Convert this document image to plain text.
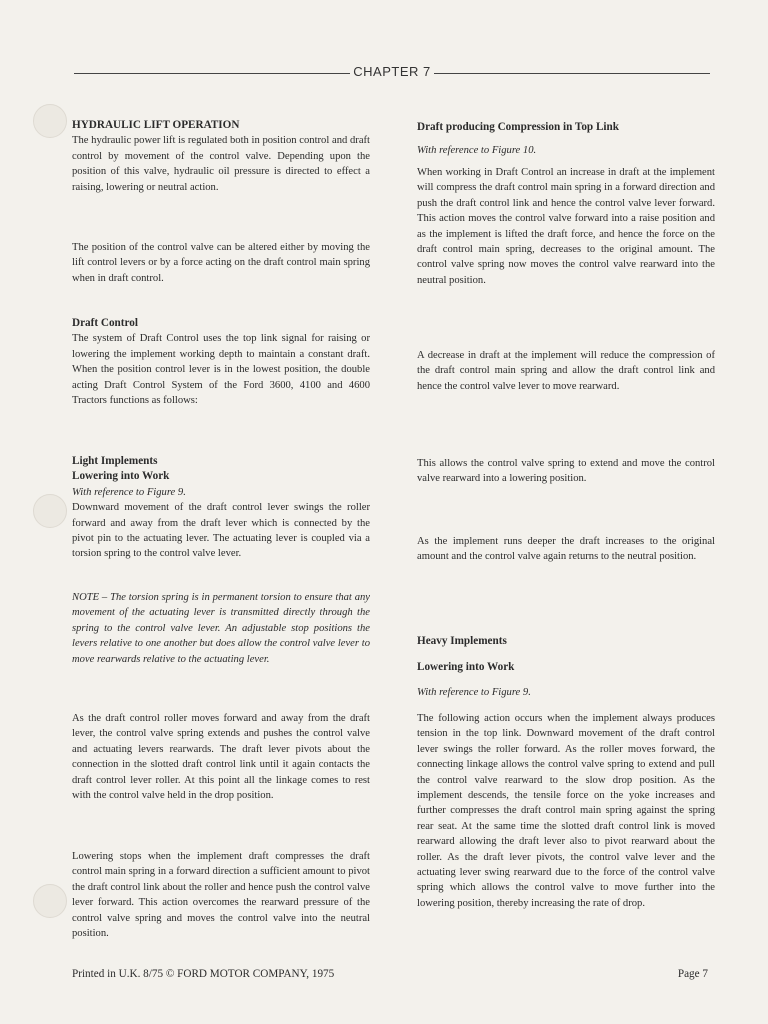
CHAPTER 7
HYDRAULIC LIFT OPERATION

The hydraulic power lift is regulated both in position control and draft control by movement of the control valve. Depending upon the position of this valve, hydraulic oil pressure is directed to effect a raising, lowering or neutral action.

The position of the control valve can be altered either by moving the lift control levers or by a force acting on the draft control main spring when in draft control.

Draft Control

The system of Draft Control uses the top link signal for raising or lowering the implement working depth to maintain a constant draft. When the position control lever is in the lowest position, the double acting Draft Control System of the Ford 3600, 4100 and 4600 Tractors functions as follows:

Light Implements
Lowering into Work
With reference to Figure 9.

Downward movement of the draft control lever swings the roller forward and away from the draft lever which is connected by the pivot pin to the actuating lever. The actuating lever is coupled via a torsion spring to the control valve lever.

NOTE – The torsion spring is in permanent torsion to ensure that any movement of the actuating lever is transmitted directly through the spring to the control valve lever. An adjustable stop positions the levers relative to one another but does allow the control valve lever to move rearwards relative to the actuating lever.

As the draft control roller moves forward and away from the draft lever, the control valve spring extends and pushes the control valve and actuating levers rearwards. The draft lever pivots about the connection in the slotted draft control link until it again contacts the draft control lever roller. At this point all the linkage comes to rest with the control valve held in the drop position.

Lowering stops when the implement draft compresses the draft control main spring in a forward direction a sufficient amount to pivot the draft control link about the roller and hence push the control valve lever forward. This action overcomes the rearward pressure of the control valve spring and moves the control valve into the neutral position.

Draft producing Compression in Top Link
With reference to Figure 10.

When working in Draft Control an increase in draft at the implement will compress the draft control main spring in a forward direction and push the draft control link and hence the control valve lever forward. This action moves the control valve forward into a raise position and as the implement is lifted the draft force, and hence the force on the draft control main spring, decreases to the original amount. The control valve spring now moves the control valve rearward into the neutral position.

A decrease in draft at the implement will reduce the compression of the draft control main spring and allow the draft control link and hence the control valve lever to move rearward.

This allows the control valve spring to extend and move the control valve rearward into a lowering position.

As the implement runs deeper the draft increases to the original amount and the control valve again returns to the neutral position.

Heavy Implements
Lowering into Work
With reference to Figure 9.

The following action occurs when the implement always produces tension in the top link. Downward movement of the draft control lever swings the roller forward. As the roller moves forward, the connecting linkage allows the control valve spring to extend and pull the control valve rearward to the slow drop position. As the implement descends, the tensile force on the yoke increases and further compresses the draft control main spring against the spring rear seat. At the same time the slotted draft control link is moved rearward allowing the draft lever also to pivot rearward about the roller. As the draft lever pivots, the control valve lever and the actuating lever swing rearward due to the force of the control valve spring which allows the control valve to move further into the lowering position, thereby increasing the rate of drop.

Printed in U.K. 8/75 © FORD MOTOR COMPANY, 1975	Page 7
